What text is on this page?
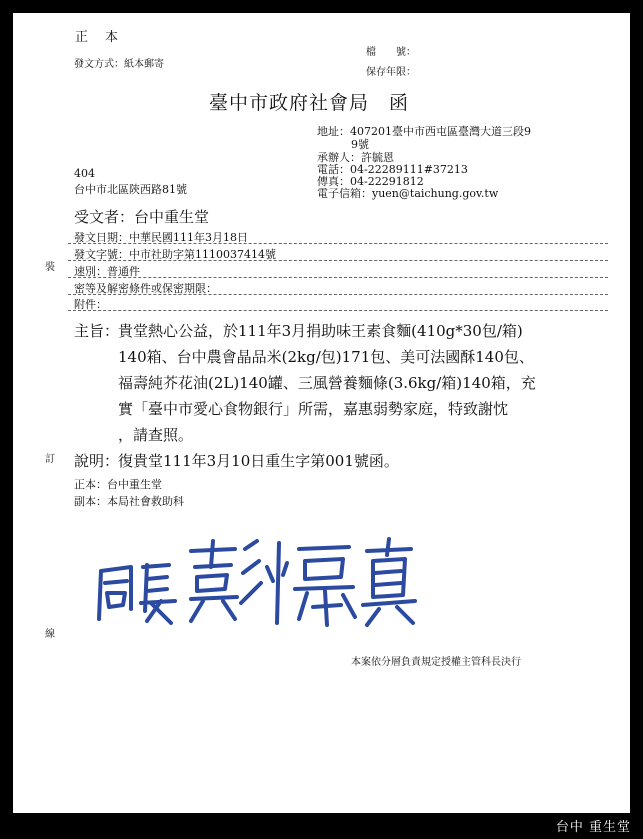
正　本
發文方式：紙本郵寄
檔　　號：
保存年限：
臺中市政府社會局　函
地址：407201臺中市西屯區臺灣大道三段9
9號
承辦人：許毓恩
電話：04-22289111#37213
傳真：04-22291812
電子信箱：yuen@taichung.gov.tw
404
台中市北區陝西路81號
受文者：台中重生堂
發文日期：中華民國111年3月18日
發文字號：中市社助字第1110037414號
速別：普通件
密等及解密條件或保密期限：
附件：
裝
訂
線
主旨：
貴堂熱心公益，於111年3月捐助味王素食麵(410g*30包/箱)
140箱、台中農會晶品米(2kg/包)171包、美可法國酥140包、
福壽純芥花油(2L)140罐、三風營養麵條(3.6kg/箱)140箱，充
實「臺中市愛心食物銀行」所需，嘉惠弱勢家庭，特致謝忱
，請查照。
說明：
復貴堂111年3月10日重生字第001號函。
正本：台中重生堂
副本：本局社會救助科
本案依分層負責規定授權主管科長決行
台中 重生堂
